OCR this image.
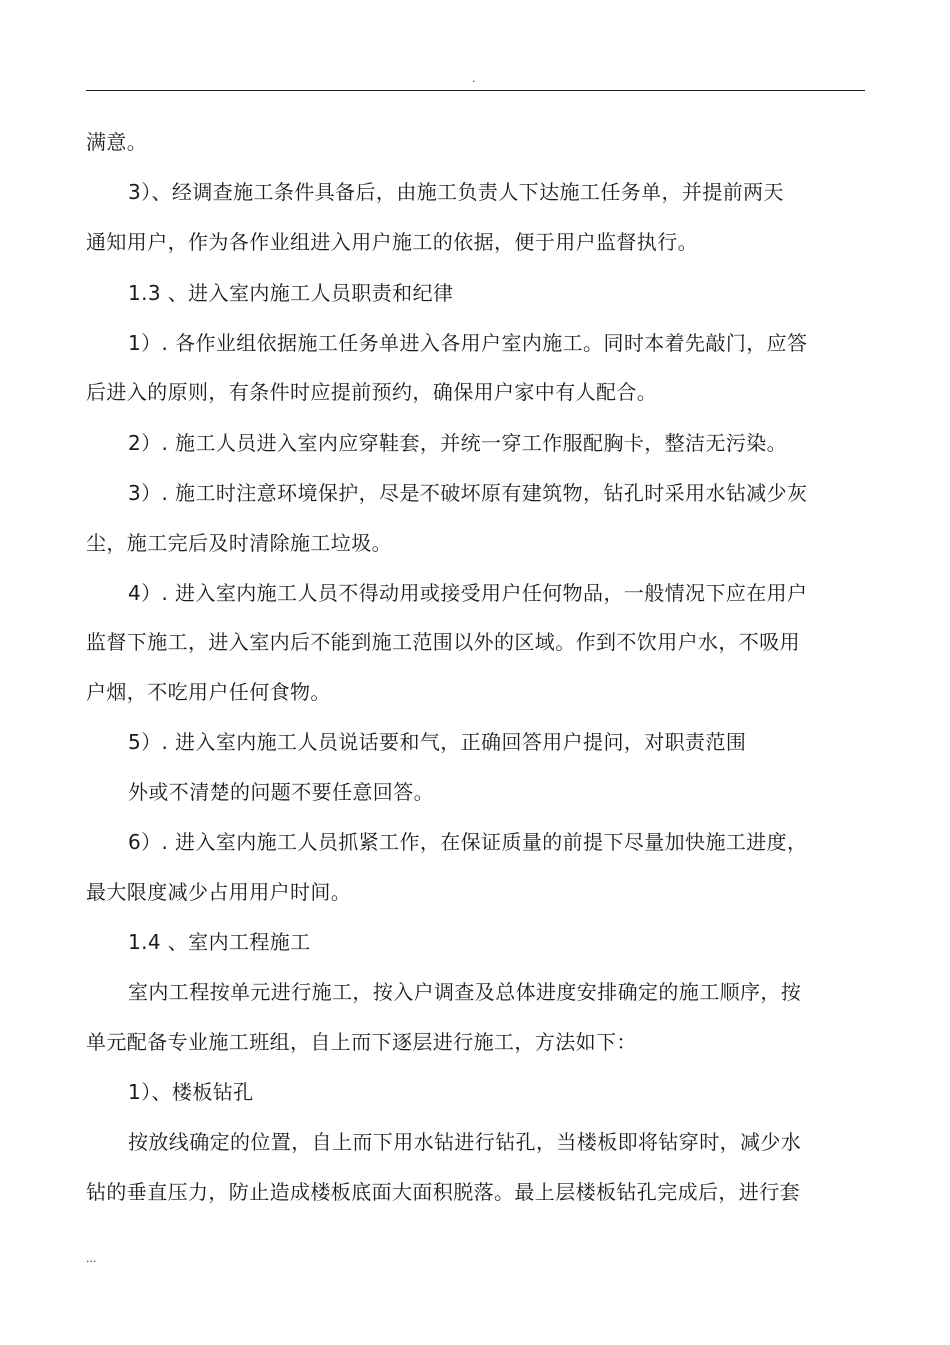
.
满意。
3）、经调查施工条件具备后，由施工负责人下达施工任务单，并提前两天
通知用户，作为各作业组进入用户施工的依据，便于用户监督执行。
1.3 、进入室内施工人员职责和纪律
1）. 各作业组依据施工任务单进入各用户室内施工。同时本着先敲门，应答
后进入的原则，有条件时应提前预约，确保用户家中有人配合。
2）. 施工人员进入室内应穿鞋套，并统一穿工作服配胸卡，整洁无污染。
3）. 施工时注意环境保护，尽是不破坏原有建筑物，钻孔时采用水钻减少灰
尘，施工完后及时清除施工垃圾。
4）. 进入室内施工人员不得动用或接受用户任何物品，一般情况下应在用户
监督下施工，进入室内后不能到施工范围以外的区域。作到不饮用户水，不吸用
户烟，不吃用户任何食物。
5）. 进入室内施工人员说话要和气，正确回答用户提问，对职责范围
外或不清楚的问题不要任意回答。
6）. 进入室内施工人员抓紧工作，在保证质量的前提下尽量加快施工进度，
最大限度减少占用用户时间。
1.4 、室内工程施工
室内工程按单元进行施工，按入户调查及总体进度安排确定的施工顺序，按
单元配备专业施工班组，自上而下逐层进行施工，方法如下：
1）、楼板钻孔
按放线确定的位置，自上而下用水钻进行钻孔，当楼板即将钻穿时，减少水
钻的垂直压力，防止造成楼板底面大面积脱落。最上层楼板钻孔完成后，进行套
...
